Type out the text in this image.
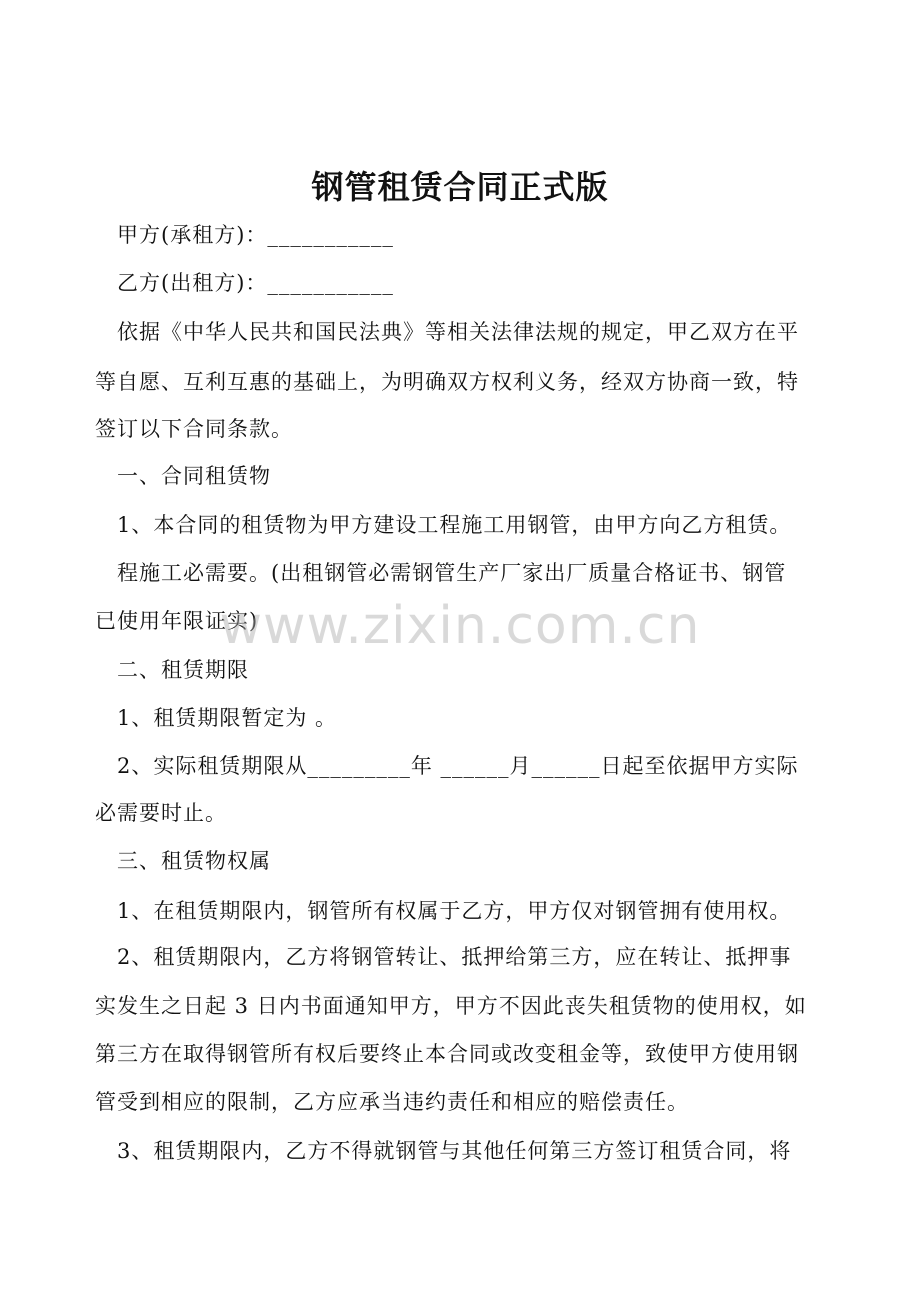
钢管租赁合同正式版
　甲方(承租方)：___________
　乙方(出租方)：___________
　依据《中华人民共和国民法典》等相关法律法规的规定，甲乙双方在平
等自愿、互利互惠的基础上，为明确双方权利义务，经双方协商一致，特
签订以下合同条款。
　一、合同租赁物
　1、本合同的租赁物为甲方建设工程施工用钢管，由甲方向乙方租赁。
　程施工必需要。(出租钢管必需钢管生产厂家出厂质量合格证书、钢管
已使用年限证实)
　二、租赁期限
　1、租赁期限暂定为 。
　2、实际租赁期限从_________年 ______月______日起至依据甲方实际
必需要时止。
　三、租赁物权属
　1、在租赁期限内，钢管所有权属于乙方，甲方仅对钢管拥有使用权。
　2、租赁期限内，乙方将钢管转让、抵押给第三方，应在转让、抵押事
实发生之日起 3 日内书面通知甲方，甲方不因此丧失租赁物的使用权，如
第三方在取得钢管所有权后要终止本合同或改变租金等，致使甲方使用钢
管受到相应的限制，乙方应承当违约责任和相应的赔偿责任。
　3、租赁期限内，乙方不得就钢管与其他任何第三方签订租赁合同，将
www.zixin.com.cn
